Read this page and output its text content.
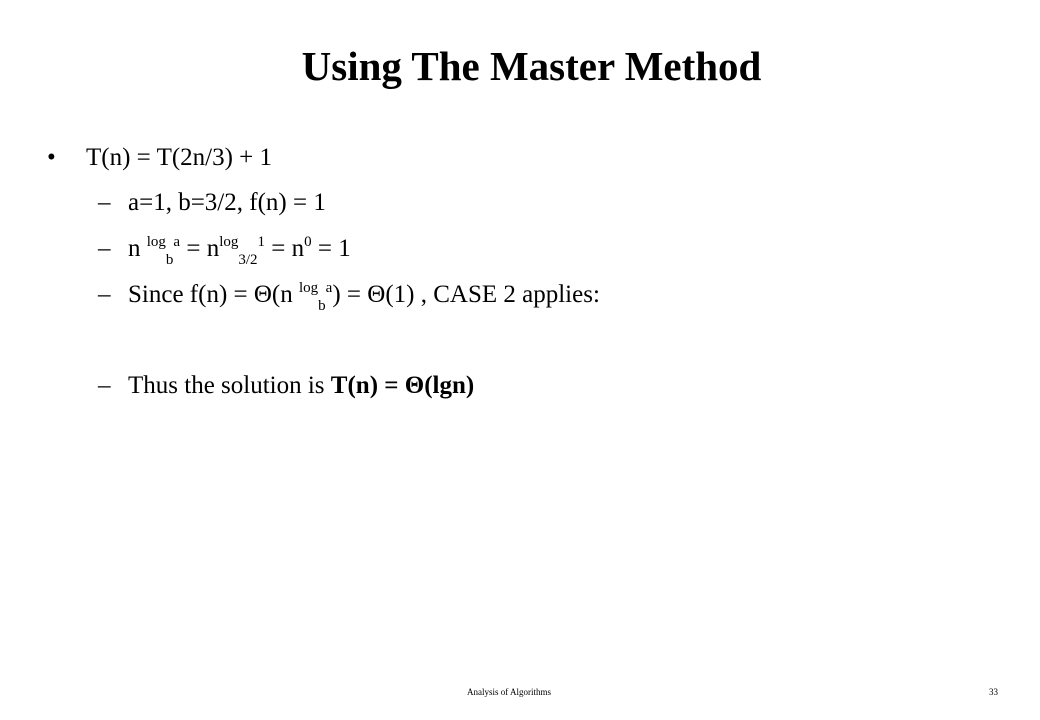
Using The Master Method
• T(n) = T(2n/3) + 1
– a=1, b=3/2, f(n) = 1
– n $^{log}_b^a = n^{log}_{3/2}^1 = n^0 = 1$
– Since f(n) = Θ(n $^{log}_b^a$) = Θ(1) , CASE 2 applies:
– Thus the solution is T(n) = Θ(lgn)
Analysis of Algorithms	33
